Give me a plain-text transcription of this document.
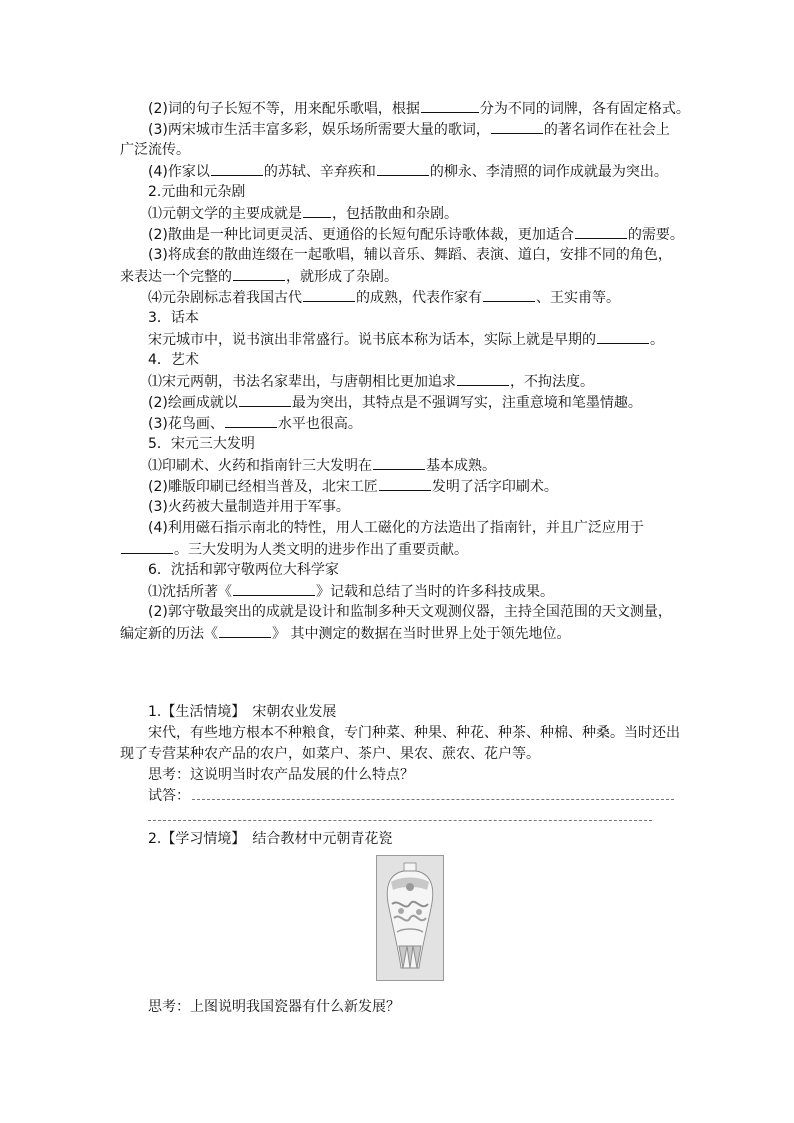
(2)词的句子长短不等，用来配乐歌唱，根据	分为不同的词牌，各有固定格式。
(3)两宋城市生活丰富多彩，娱乐场所需要大量的歌词，	的著名词作在社会上
广泛流传。
(4)作家以	的苏轼、辛弃疾和	的柳永、李清照的词作成就最为突出。
2.元曲和元杂剧
⑴元朝文学的主要成就是 ，包括散曲和杂剧。
(2)散曲是一种比词更灵活、更通俗的长短句配乐诗歌体裁，更加适合	的需要。
(3)将成套的散曲连缀在一起歌唱，辅以音乐、舞蹈、表演、道白，安排不同的角色，
来表达一个完整的	，就形成了杂剧。
⑷元杂剧标志着我国古代	的成熟，代表作家有	、王实甫等。
3．话本
宋元城市中，说书演出非常盛行。说书底本称为话本，实际上就是早期的	。
4．艺术
⑴宋元两朝，书法名家辈出，与唐朝相比更加追求	，不拘法度。
(2)绘画成就以	最为突出，其特点是不强调写实，注重意境和笔墨情趣。
(3)花鸟画、	水平也很高。
5．宋元三大发明
⑴印刷术、火药和指南针三大发明在	基本成熟。
(2)雕版印刷已经相当普及，北宋工匠	发明了活字印刷术。
(3)火药被大量制造并用于军事。
(4)利用磁石指示南北的特性，用人工磁化的方法造出了指南针，并且广泛应用于
。三大发明为人类文明的进步作出了重要贡献。
6．沈括和郭守敬两位大科学家
⑴沈括所著《	》记载和总结了当时的许多科技成果。
(2)郭守敬最突出的成就是设计和监制多种天文观测仪器，主持全国范围的天文测量，
编定新的历法《	》 其中测定的数据在当时世界上处于领先地位。
1.【生活情境】　宋朝农业发展
宋代，有些地方根本不种粮食，专门种菜、种果、种花、种茶、种棉、种桑。当时还出
现了专营某种农产品的农户，如菜户、茶户、果农、蔗农、花户等。
思考：这说明当时农产品发展的什么特点？
试答：
2.【学习情境】　结合教材中元朝青花瓷
思考：上图说明我国瓷器有什么新发展？
